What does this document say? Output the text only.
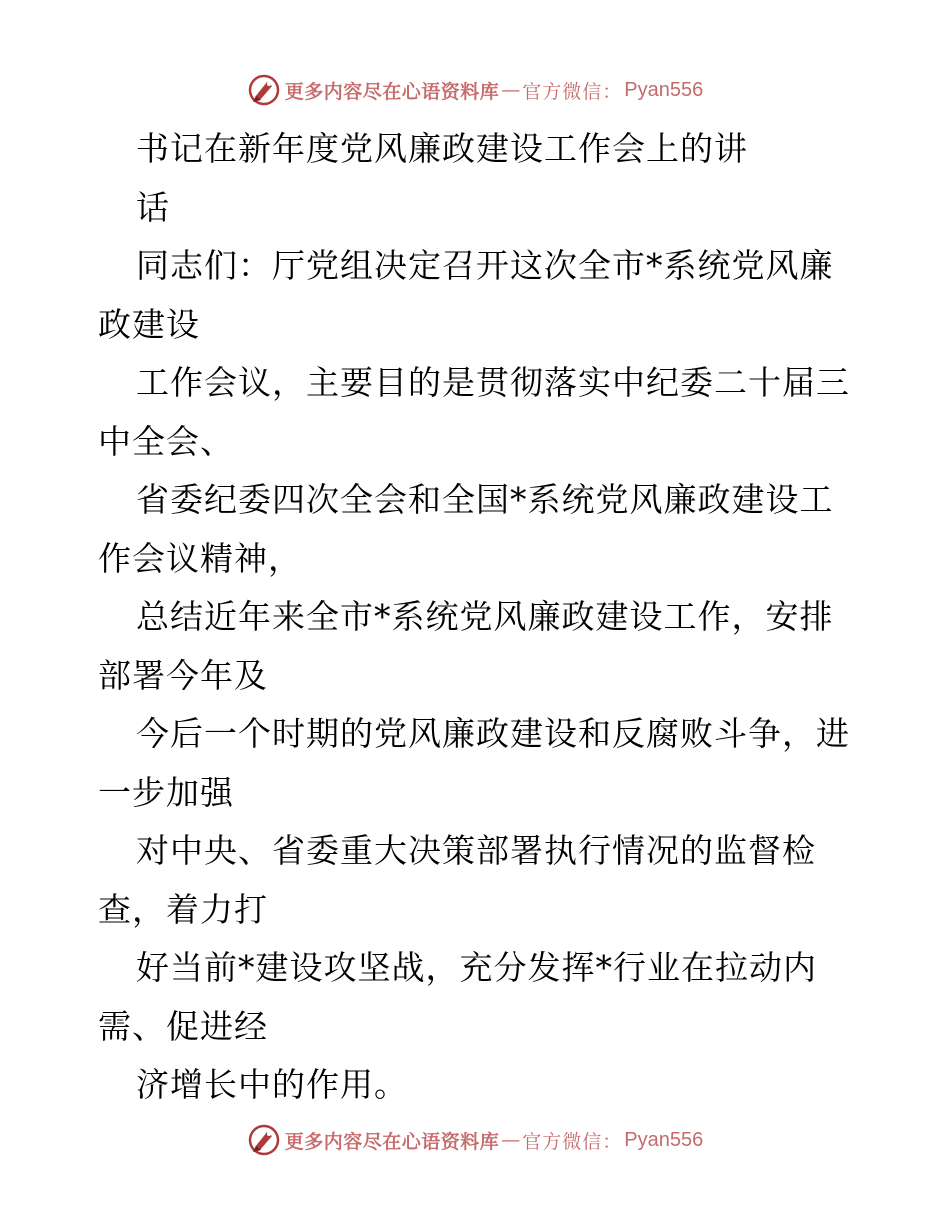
更多内容尽在心语资料库 — 官方微信： Pyan556
书记在新年度党风廉政建设工作会上的讲
话
同志们：厅党组决定召开这次全市*系统党风廉
政建设
工作会议，主要目的是贯彻落实中纪委二十届三
中全会、
省委纪委四次全会和全国*系统党风廉政建设工
作会议精神，
总结近年来全市*系统党风廉政建设工作，安排
部署今年及
今后一个时期的党风廉政建设和反腐败斗争，进
一步加强
对中央、省委重大决策部署执行情况的监督检
查，着力打
好当前*建设攻坚战，充分发挥*行业在拉动内
需、促进经
济增长中的作用。
更多内容尽在心语资料库 — 官方微信： Pyan556
